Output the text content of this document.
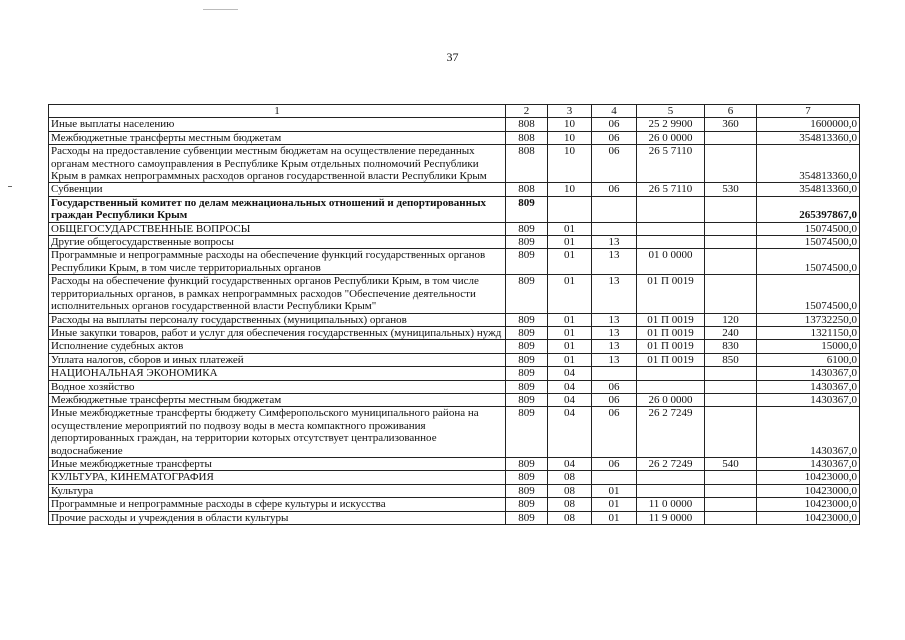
37
1	2	3	4	5	6	7
Иные выплаты населению	808	10	06	25 2 9900	360	1600000,0
Межбюджетные трансферты местным бюджетам	808	10	06	26 0 0000		354813360,0
Расходы на предоставление субвенции местным бюджетам на осуществление переданных органам местного самоуправления в Республике Крым отдельных полномочий Республики Крым в рамках непрограммных расходов органов государственной власти Республики Крым	808	10	06	26 5 7110		354813360,0
Субвенции	808	10	06	26 5 7110	530	354813360,0
Государственный комитет по делам межнациональных отношений и депортированных граждан Республики Крым	809					265397867,0
ОБЩЕГОСУДАРСТВЕННЫЕ ВОПРОСЫ	809	01				15074500,0
Другие общегосударственные вопросы	809	01	13			15074500,0
Программные и непрограммные расходы на обеспечение функций государственных органов Республики Крым, в том числе территориальных органов	809	01	13	01 0 0000		15074500,0
Расходы на обеспечение функций государственных органов Республики Крым, в том числе территориальных органов, в рамках непрограммных расходов "Обеспечение деятельности исполнительных органов государственной власти Республики Крым"	809	01	13	01 П 0019		15074500,0
Расходы на выплаты персоналу государственных (муниципальных) органов	809	01	13	01 П 0019	120	13732250,0
Иные закупки товаров, работ и услуг для обеспечения государственных (муниципальных) нужд	809	01	13	01 П 0019	240	1321150,0
Исполнение судебных актов	809	01	13	01 П 0019	830	15000,0
Уплата налогов, сборов и иных платежей	809	01	13	01 П 0019	850	6100,0
НАЦИОНАЛЬНАЯ ЭКОНОМИКА	809	04				1430367,0
Водное хозяйство	809	04	06			1430367,0
Межбюджетные трансферты местным бюджетам	809	04	06	26 0 0000		1430367,0
Иные межбюджетные трансферты бюджету Симферопольского муниципального района на осуществление мероприятий по подвозу воды в места компактного проживания депортированных граждан, на территории которых отсутствует централизованное водоснабжение	809	04	06	26 2 7249		1430367,0
Иные межбюджетные трансферты	809	04	06	26 2 7249	540	1430367,0
КУЛЬТУРА, КИНЕМАТОГРАФИЯ	809	08				10423000,0
Культура	809	08	01			10423000,0
Программные и непрограммные расходы в сфере культуры и искусства	809	08	01	11 0 0000		10423000,0
Прочие расходы и учреждения в области культуры	809	08	01	11 9 0000		10423000,0
